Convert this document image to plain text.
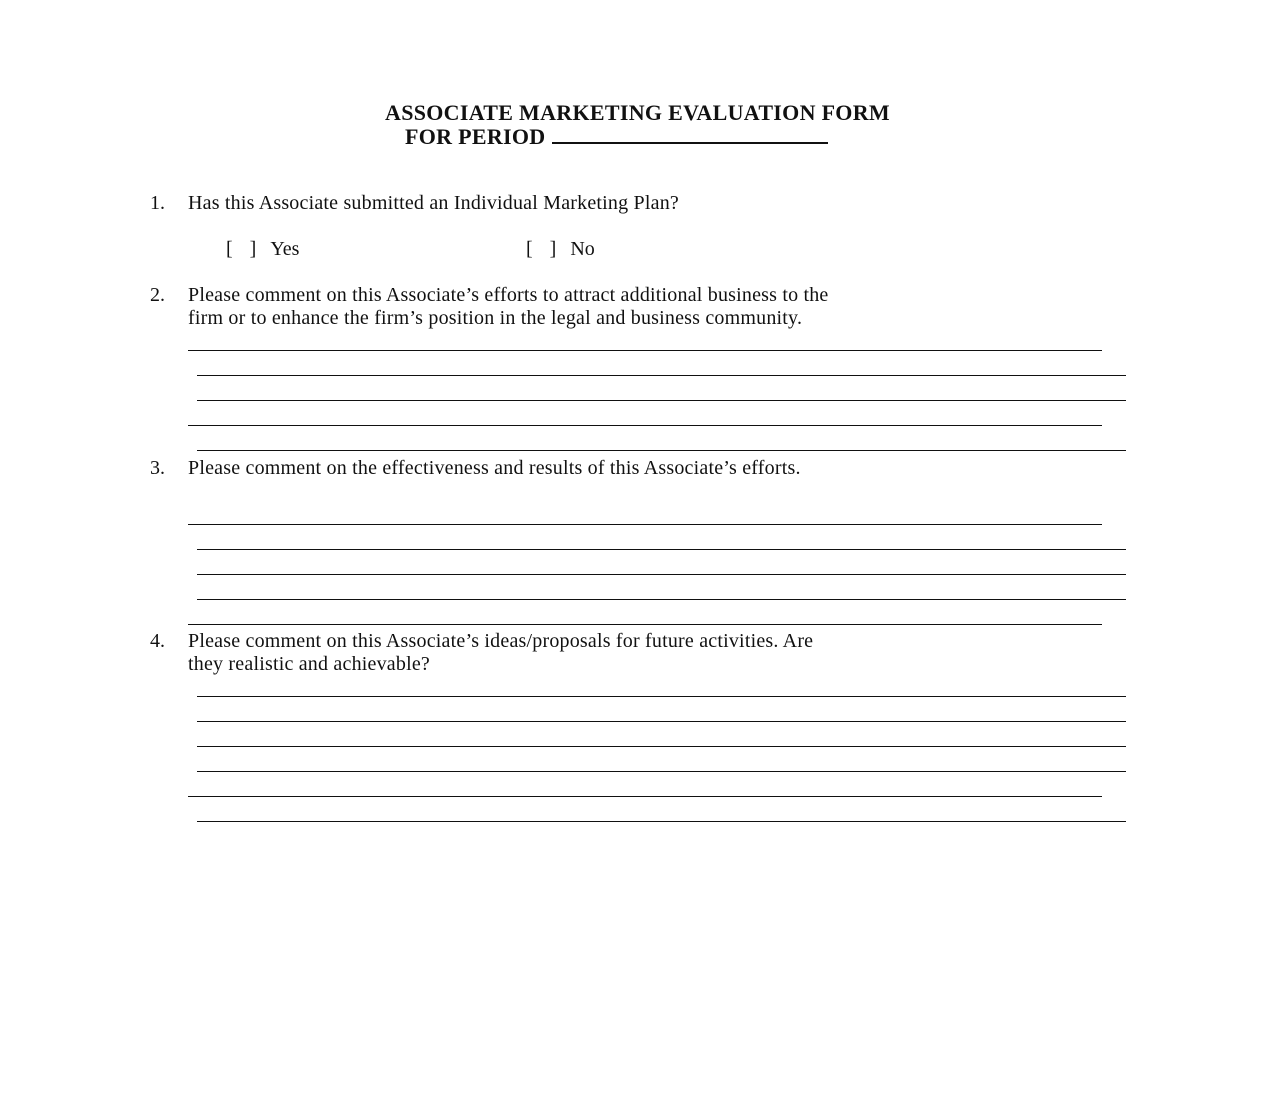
ASSOCIATE MARKETING EVALUATION FORM
FOR PERIOD
1. Has this Associate submitted an Individual Marketing Plan?
[ ] Yes	[ ] No
2. Please comment on this Associate’s efforts to attract additional business to the
firm or to enhance the firm’s position in the legal and business community.
3. Please comment on the effectiveness and results of this Associate’s efforts.
4. Please comment on this Associate’s ideas/proposals for future activities. Are
they realistic and achievable?
